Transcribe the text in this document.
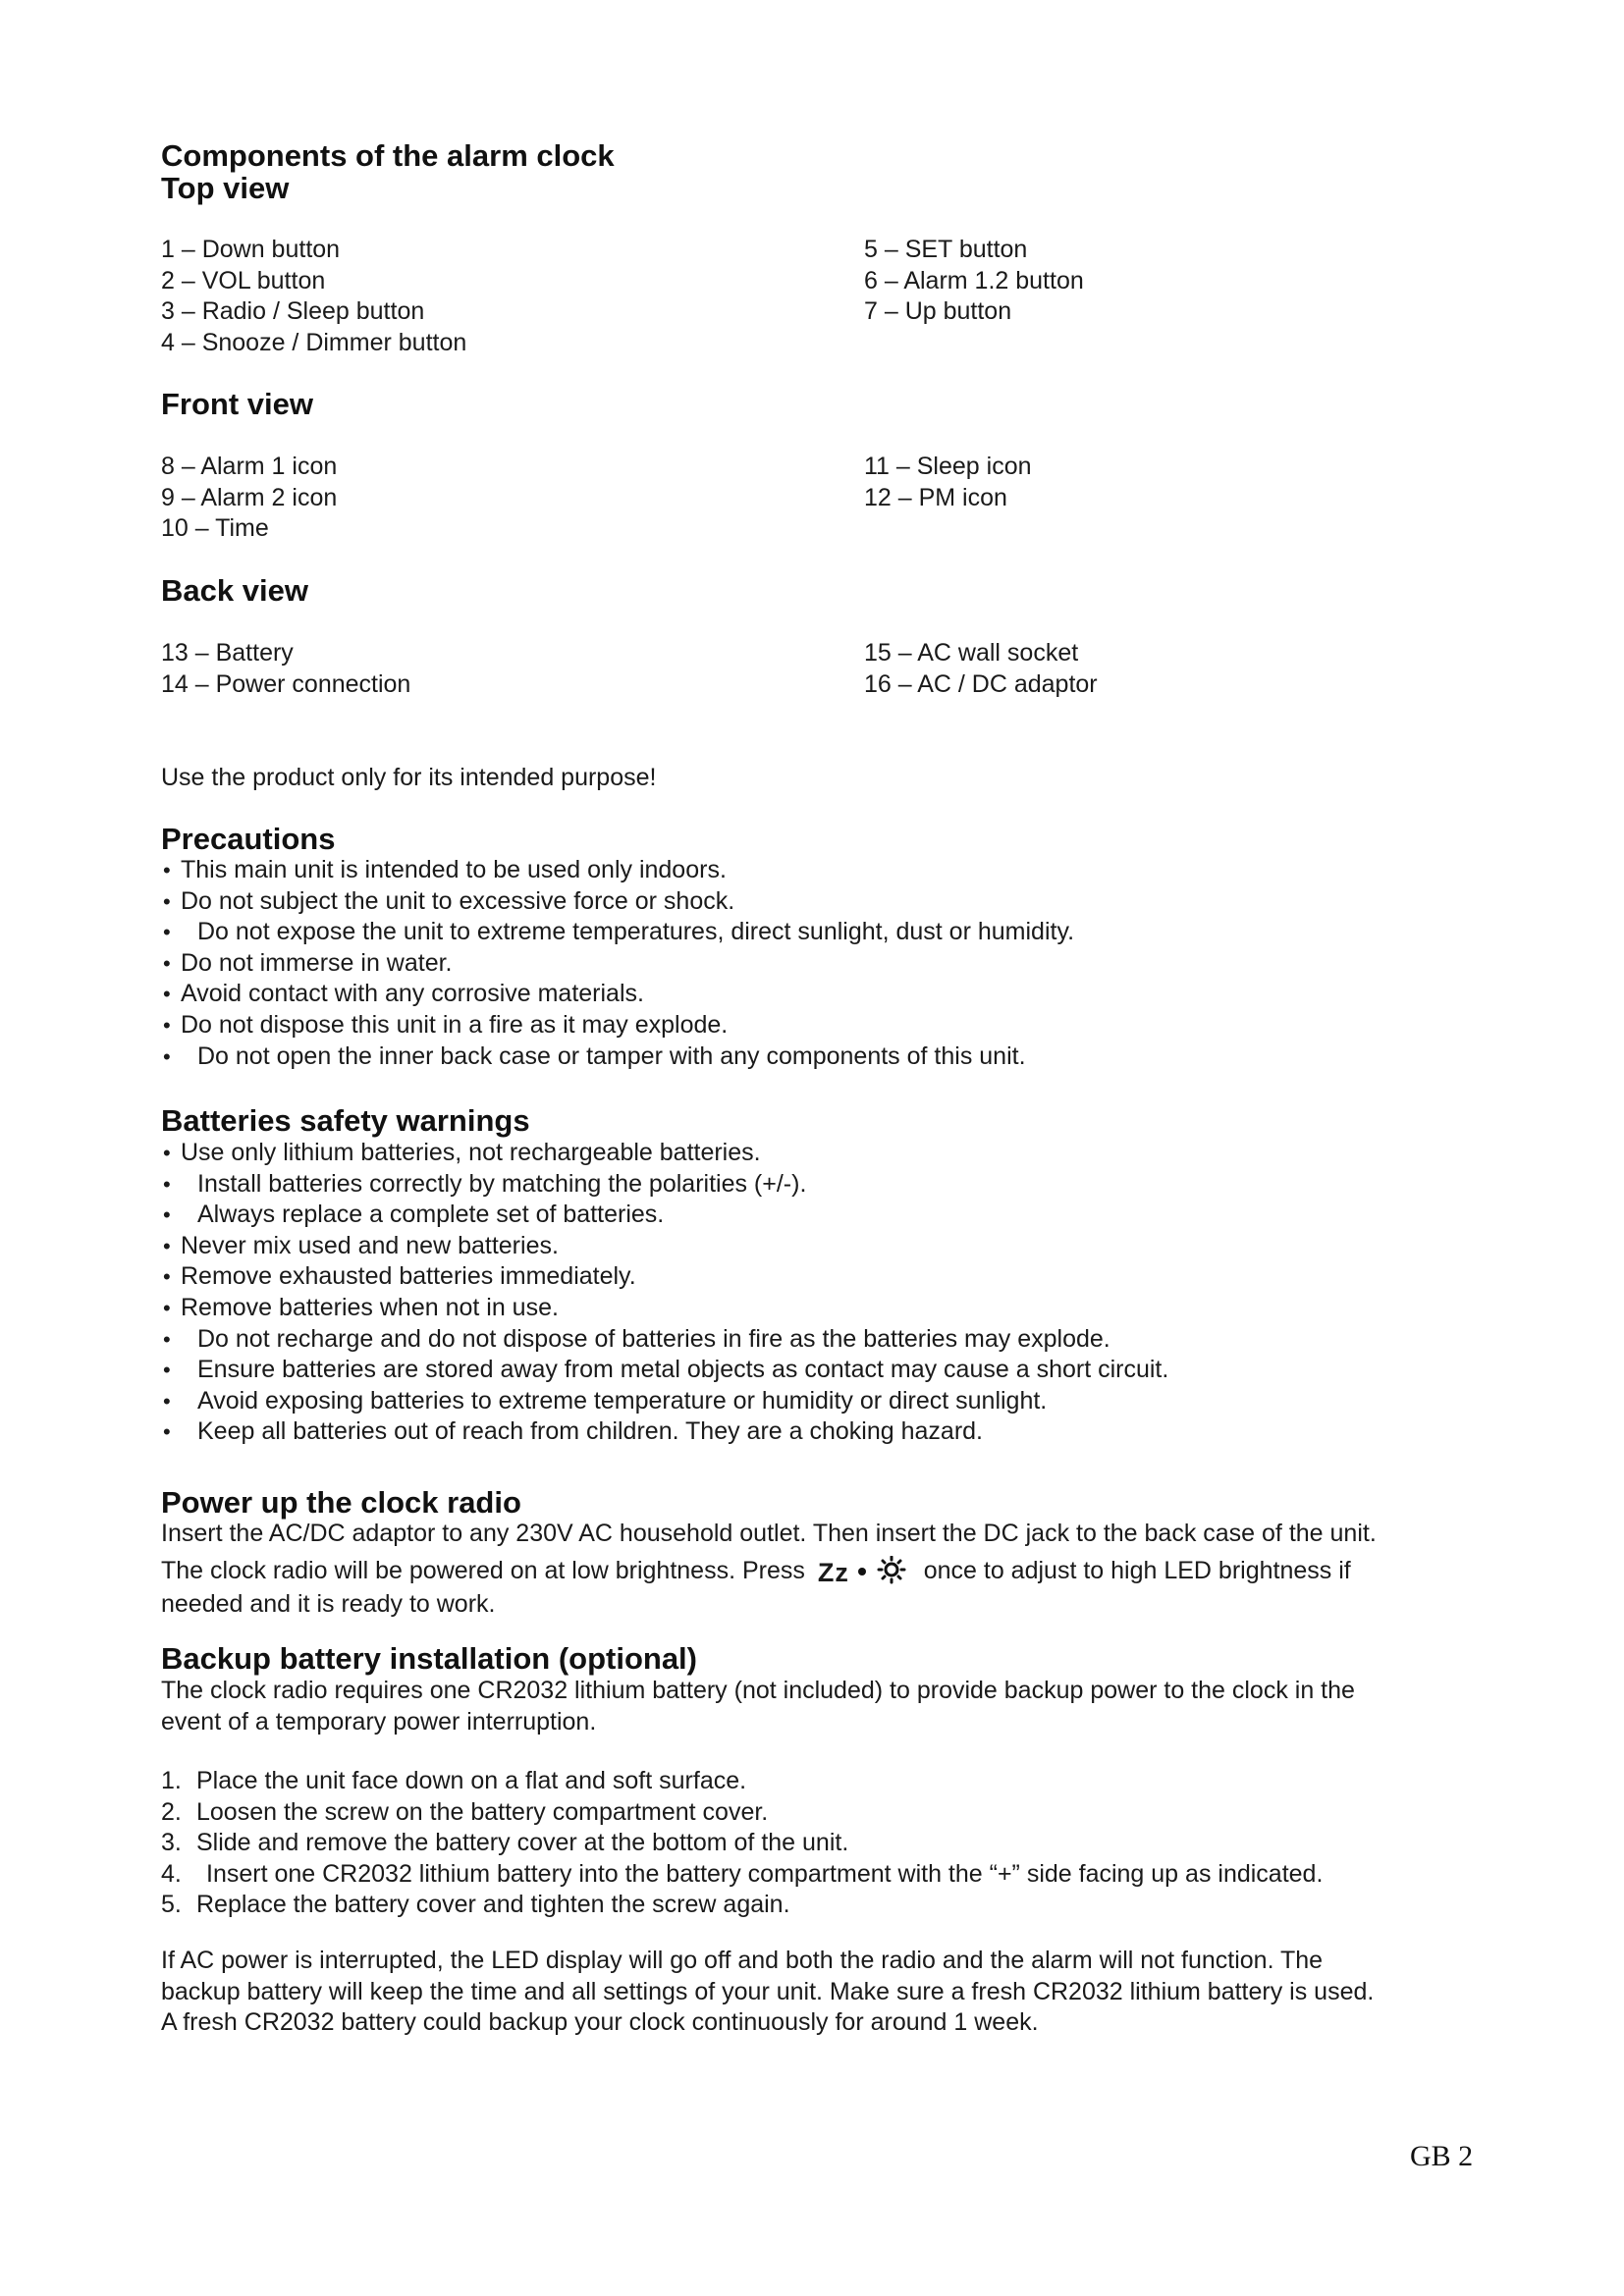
Components of the alarm clock
Top view
1 – Down button
2 – VOL button
3 – Radio / Sleep button
4 – Snooze / Dimmer button
5 – SET button
6 – Alarm 1.2 button
7 – Up button
Front view
8 – Alarm 1 icon
9 – Alarm 2 icon
10 – Time
11 – Sleep icon
12 – PM icon
Back view
13 – Battery
14 – Power connection
15 – AC wall socket
16 – AC / DC adaptor

Use the product only for its intended purpose!

Precautions
• This main unit is intended to be used only indoors.
• Do not subject the unit to excessive force or shock.
• Do not expose the unit to extreme temperatures, direct sunlight, dust or humidity.
• Do not immerse in water.
• Avoid contact with any corrosive materials.
• Do not dispose this unit in a fire as it may explode.
• Do not open the inner back case or tamper with any components of this unit.
Batteries safety warnings
• Use only lithium batteries, not rechargeable batteries.
• Install batteries correctly by matching the polarities (+/-).
• Always replace a complete set of batteries.
• Never mix used and new batteries.
• Remove exhausted batteries immediately.
• Remove batteries when not in use.
• Do not recharge and do not dispose of batteries in fire as the batteries may explode.
• Ensure batteries are stored away from metal objects as contact may cause a short circuit.
• Avoid exposing batteries to extreme temperature or humidity or direct sunlight.
• Keep all batteries out of reach from children. They are a choking hazard.
Power up the clock radio
Insert the AC/DC adaptor to any 230V AC household outlet. Then insert the DC jack to the back case of the unit.
The clock radio will be powered on at low brightness. Press Zz	once to adjust to high LED brightness if
needed and it is ready to work.
Backup battery installation (optional)
The clock radio requires one CR2032 lithium battery (not included) to provide backup power to the clock in the
event of a temporary power interruption.
1. Place the unit face down on a flat and soft surface.
2. Loosen the screw on the battery compartment cover.
3. Slide and remove the battery cover at the bottom of the unit.
4. Insert one CR2032 lithium battery into the battery compartment with the “+” side facing up as indicated.
5. Replace the battery cover and tighten the screw again.
If AC power is interrupted, the LED display will go off and both the radio and the alarm will not function. The
backup battery will keep the time and all settings of your unit. Make sure a fresh CR2032 lithium battery is used.
A fresh CR2032 battery could backup your clock continuously for around 1 week.

GB 2
